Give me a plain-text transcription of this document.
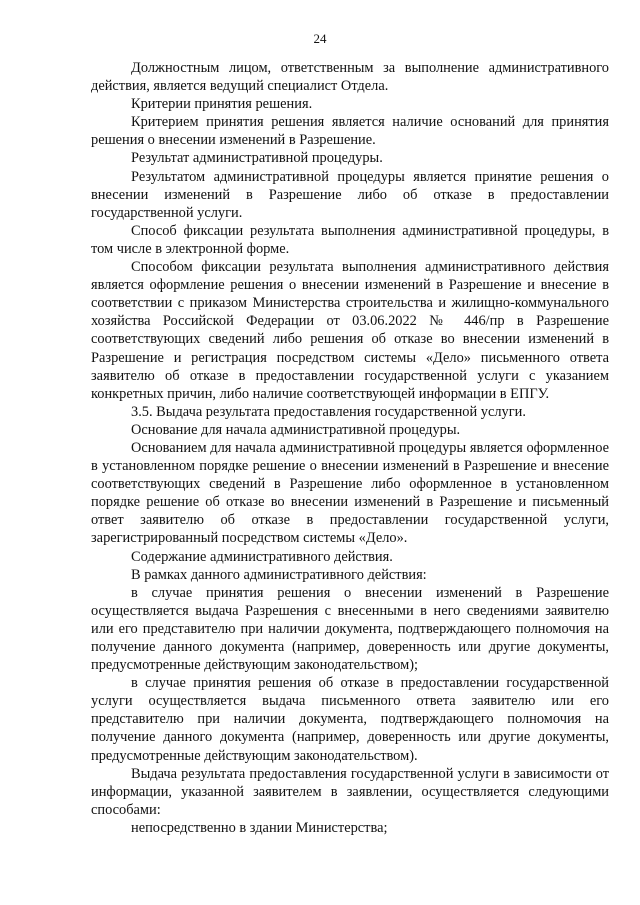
24

Должностным лицом, ответственным за выполнение административного действия, является ведущий специалист Отдела.

Критерии принятия решения.

Критерием принятия решения является наличие оснований для принятия решения о внесении изменений в Разрешение.

Результат административной процедуры.

Результатом административной процедуры является принятие решения о внесении изменений в Разрешение либо об отказе в предоставлении государственной услуги.

Способ фиксации результата выполнения административной процедуры, в том числе в электронной форме.

Способом фиксации результата выполнения административного действия является оформление решения о внесении изменений в Разрешение и внесение в соответствии с приказом Министерства строительства и жилищно-коммунального хозяйства Российской Федерации от 03.06.2022 № 446/пр в Разрешение соответствующих сведений либо решения об отказе во внесении изменений в Разрешение и регистрация посредством системы «Дело» письменного ответа заявителю об отказе в предоставлении государственной услуги с указанием конкретных причин, либо наличие соответствующей информации в ЕПГУ.

3.5. Выдача результата предоставления государственной услуги.

Основание для начала административной процедуры.

Основанием для начала административной процедуры является оформленное в установленном порядке решение о внесении изменений в Разрешение и внесение соответствующих сведений в Разрешение либо оформленное в установленном порядке решение об отказе во внесении изменений в Разрешение и письменный ответ заявителю об отказе в предоставлении государственной услуги, зарегистрированный посредством системы «Дело».

Содержание административного действия.

В рамках данного административного действия:

в случае принятия решения о внесении изменений в Разрешение осуществляется выдача Разрешения с внесенными в него сведениями заявителю или его представителю при наличии документа, подтверждающего полномочия на получение данного документа (например, доверенность или другие документы, предусмотренные действующим законодательством);

в случае принятия решения об отказе в предоставлении государственной услуги осуществляется выдача письменного ответа заявителю или его представителю при наличии документа, подтверждающего полномочия на получение данного документа (например, доверенность или другие документы, предусмотренные действующим законодательством).

Выдача результата предоставления государственной услуги в зависимости от информации, указанной заявителем в заявлении, осуществляется следующими способами:

непосредственно в здании Министерства;
